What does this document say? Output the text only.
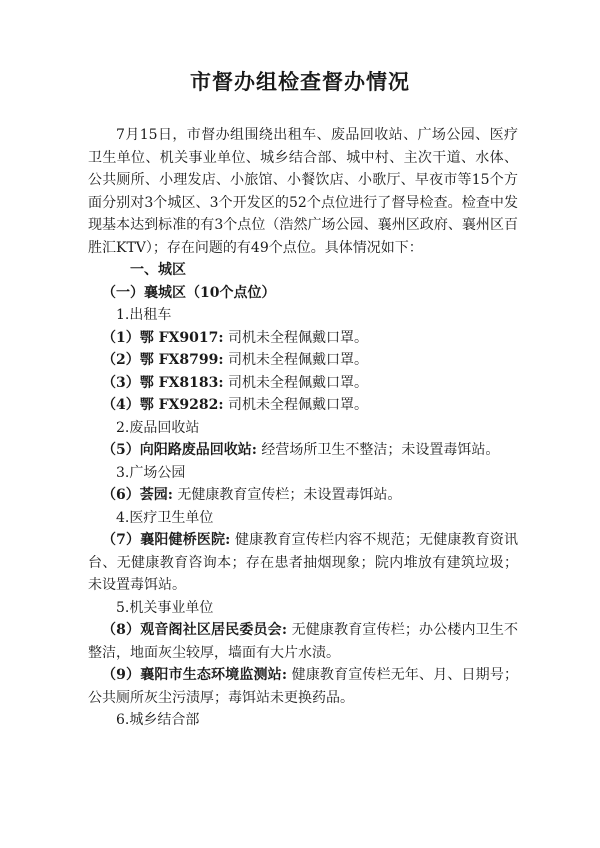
市督办组检查督办情况

7月15日，市督办组围绕出租车、废品回收站、广场公园、医疗卫生单位、机关事业单位、城乡结合部、城中村、主次干道、水体、公共厕所、小理发店、小旅馆、小餐饮店、小歌厅、早夜市等15个方面分别对3个城区、3个开发区的52个点位进行了督导检查。检查中发现基本达到标准的有3个点位（浩然广场公园、襄州区政府、襄州区百胜汇KTV）；存在问题的有49个点位。具体情况如下：

一、城区

（一）襄城区（10个点位）

1.出租车

（1）鄂 FX9017: 司机未全程佩戴口罩。

（2）鄂 FX8799: 司机未全程佩戴口罩。

（3）鄂 FX8183: 司机未全程佩戴口罩。

（4）鄂 FX9282: 司机未全程佩戴口罩。

2.废品回收站

（5）向阳路废品回收站: 经营场所卫生不整洁；未设置毒饵站。

3.广场公园

（6）荟园: 无健康教育宣传栏；未设置毒饵站。

4.医疗卫生单位

（7）襄阳健桥医院: 健康教育宣传栏内容不规范；无健康教育资讯台、无健康教育咨询本；存在患者抽烟现象；院内堆放有建筑垃圾；未设置毒饵站。

5.机关事业单位

（8）观音阁社区居民委员会: 无健康教育宣传栏；办公楼内卫生不整洁，地面灰尘较厚，墙面有大片水渍。

（9）襄阳市生态环境监测站: 健康教育宣传栏无年、月、日期号；公共厕所灰尘污渍厚；毒饵站未更换药品。

6.城乡结合部
